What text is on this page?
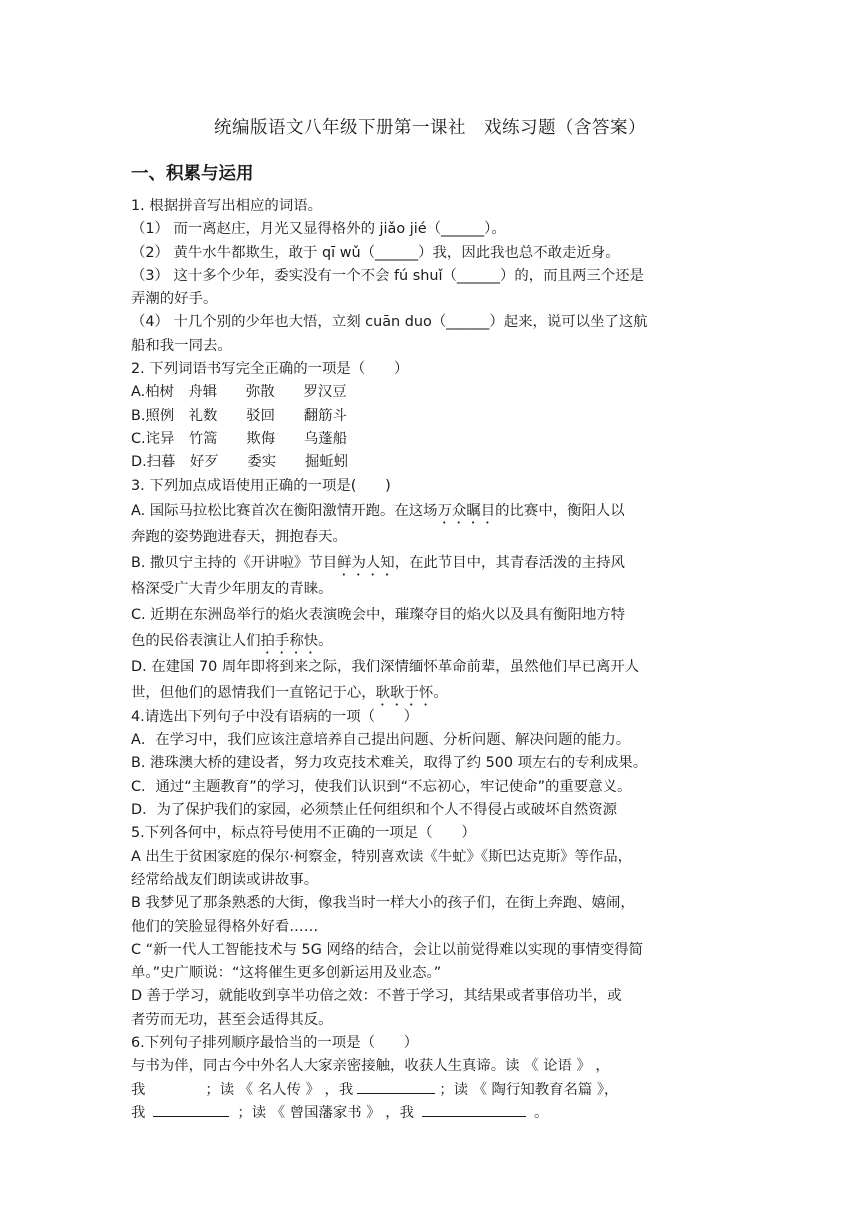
统编版语文八年级下册第一课社　戏练习题（含答案）
一、积累与运用
1. 根据拼音写出相应的词语。
（1） 而一离赵庄，月光又显得格外的 jiǎo jié（______）。
（2） 黄牛水牛都欺生，敢于 qī wǔ（______）我，因此我也总不敢走近身。
（3） 这十多个少年，委实没有一个不会 fú shuǐ（______）的，而且两三个还是
弄潮的好手。
（4） 十几个别的少年也大悟，立刻 cuān duo（______）起来，说可以坐了这航
船和我一同去。
2. 下列词语书写完全正确的一项是（　　）
A.柏树　舟辑　　弥散　　罗汉豆
B.照例　礼数　　驳回　　翻筋斗
C.诧异　竹篙　　欺侮　　乌蓬船
D.扫暮　好歹　　委实　　掘蚯蚓
3. 下列加点成语使用正确的一项是(　　)
A. 国际马拉松比赛首次在衡阳激情开跑。在这场万众瞩目的比赛中，衡阳人以
奔跑的姿势跑进春天，拥抱春天。
B. 撒贝宁主持的《开讲啦》节目鲜为人知，在此节目中，其青春活泼的主持风
格深受广大青少年朋友的青睐。
C. 近期在东洲岛举行的焰火表演晚会中，璀璨夺目的焰火以及具有衡阳地方特
色的民俗表演让人们拍手称快。
D. 在建国 70 周年即将到来之际，我们深情缅怀革命前辈，虽然他们早已离开人
世，但他们的恩情我们一直铭记于心，耿耿于怀。
4.请选出下列句子中没有语病的一项（　　）
A．在学习中，我们应该注意培养自己提出问题、分析问题、解决问题的能力。
B. 港珠澳大桥的建设者，努力攻克技术难关，取得了约 500 项左右的专利成果。
C．通过“主题教育”的学习，使我们认识到“不忘初心，牢记使命”的重要意义。
D．为了保护我们的家园，必须禁止任何组织和个人不得侵占或破坏自然资源
5.下列各何中，标点符号使用不正确的一项足（　　）
A 出生于贫困家庭的保尔·柯察金，特别喜欢读《牛虻》《斯巴达克斯》等作品，
经常给战友们朗读或讲故事。
B 我梦见了那条熟悉的大街，像我当时一样大小的孩子们，在街上奔跑、嬉闹，
他们的笑脸显得格外好看……
C “新一代人工智能技术与 5G 网络的结合，会让以前觉得难以实现的事情变得简
单。”史广顺说：“这将催生更多创新运用及业态。”
D 善于学习，就能收到享半功倍之效：不普于学习，其结果或者事倍功半，或
者劳而无功，甚至会适得其反。
6.下列句子排列顺序最恰当的一项是（　　）
与书为伴，同古今中外名人大家亲密接触，收获人生真谛。读 《 论语 》 ，
我	；读 《 名人传 》 ，我	；读 《 陶行知教育名篇 》，
我	；读 《 曾国藩家书 》 ，我	。
